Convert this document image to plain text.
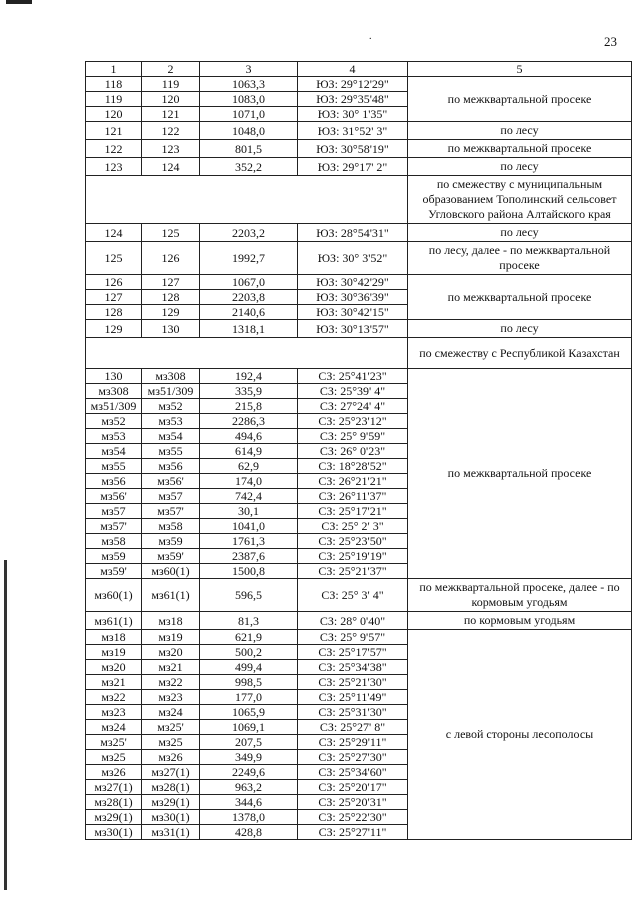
.	23
1	2	3	4	5
118	119	1063,3	ЮЗ: 29°12'29"	по межквартальной просеке
119	120	1083,0	ЮЗ: 29°35'48"	
120	121	1071,0	ЮЗ: 30° 1'35"	
121	122	1048,0	ЮЗ: 31°52' 3"	по лесу
122	123	801,5	ЮЗ: 30°58'19"	по межквартальной просеке
123	124	352,2	ЮЗ: 29°17' 2"	по лесу
				по смежеству с муниципальным образованием Тополинский сельсовет Угловского района Алтайского края
124	125	2203,2	ЮЗ: 28°54'31"	по лесу
125	126	1992,7	ЮЗ: 30° 3'52"	по лесу, далее - по межквартальной просеке
126	127	1067,0	ЮЗ: 30°42'29"	по межквартальной просеке
127	128	2203,8	ЮЗ: 30°36'39"	
128	129	2140,6	ЮЗ: 30°42'15"	
129	130	1318,1	ЮЗ: 30°13'57"	по лесу
				по смежеству с Республикой Казахстан
130	мз308	192,4	СЗ: 25°41'23"	по межквартальной просеке
мз308	мз51/309	335,9	СЗ: 25°39' 4"	
мз51/309	мз52	215,8	СЗ: 27°24' 4"	
мз52	мз53	2286,3	СЗ: 25°23'12"	
мз53	мз54	494,6	СЗ: 25° 9'59"	
мз54	мз55	614,9	СЗ: 26° 0'23"	
мз55	мз56	62,9	СЗ: 18°28'52"	
мз56	мз56'	174,0	СЗ: 26°21'21"	
мз56'	мз57	742,4	СЗ: 26°11'37"	
мз57	мз57'	30,1	СЗ: 25°17'21"	
мз57'	мз58	1041,0	СЗ: 25° 2' 3"	
мз58	мз59	1761,3	СЗ: 25°23'50"	
мз59	мз59'	2387,6	СЗ: 25°19'19"	
мз59'	мз60(1)	1500,8	СЗ: 25°21'37"	
мз60(1)	мз61(1)	596,5	СЗ: 25° 3' 4"	по межквартальной просеке, далее - по кормовым угодьям
мз61(1)	мз18	81,3	СЗ: 28° 0'40"	по кормовым угодьям
мз18	мз19	621,9	СЗ: 25° 9'57"	с левой стороны лесополосы
мз19	мз20	500,2	СЗ: 25°17'57"	
мз20	мз21	499,4	СЗ: 25°34'38"	
мз21	мз22	998,5	СЗ: 25°21'30"	
мз22	мз23	177,0	СЗ: 25°11'49"	
мз23	мз24	1065,9	СЗ: 25°31'30"	
мз24	мз25'	1069,1	СЗ: 25°27' 8"	
мз25'	мз25	207,5	СЗ: 25°29'11"	
мз25	мз26	349,9	СЗ: 25°27'30"	
мз26	мз27(1)	2249,6	СЗ: 25°34'60"	
мз27(1)	мз28(1)	963,2	СЗ: 25°20'17"	
мз28(1)	мз29(1)	344,6	СЗ: 25°20'31"	
мз29(1)	мз30(1)	1378,0	СЗ: 25°22'30"	
мз30(1)	мз31(1)	428,8	СЗ: 25°27'11"	
